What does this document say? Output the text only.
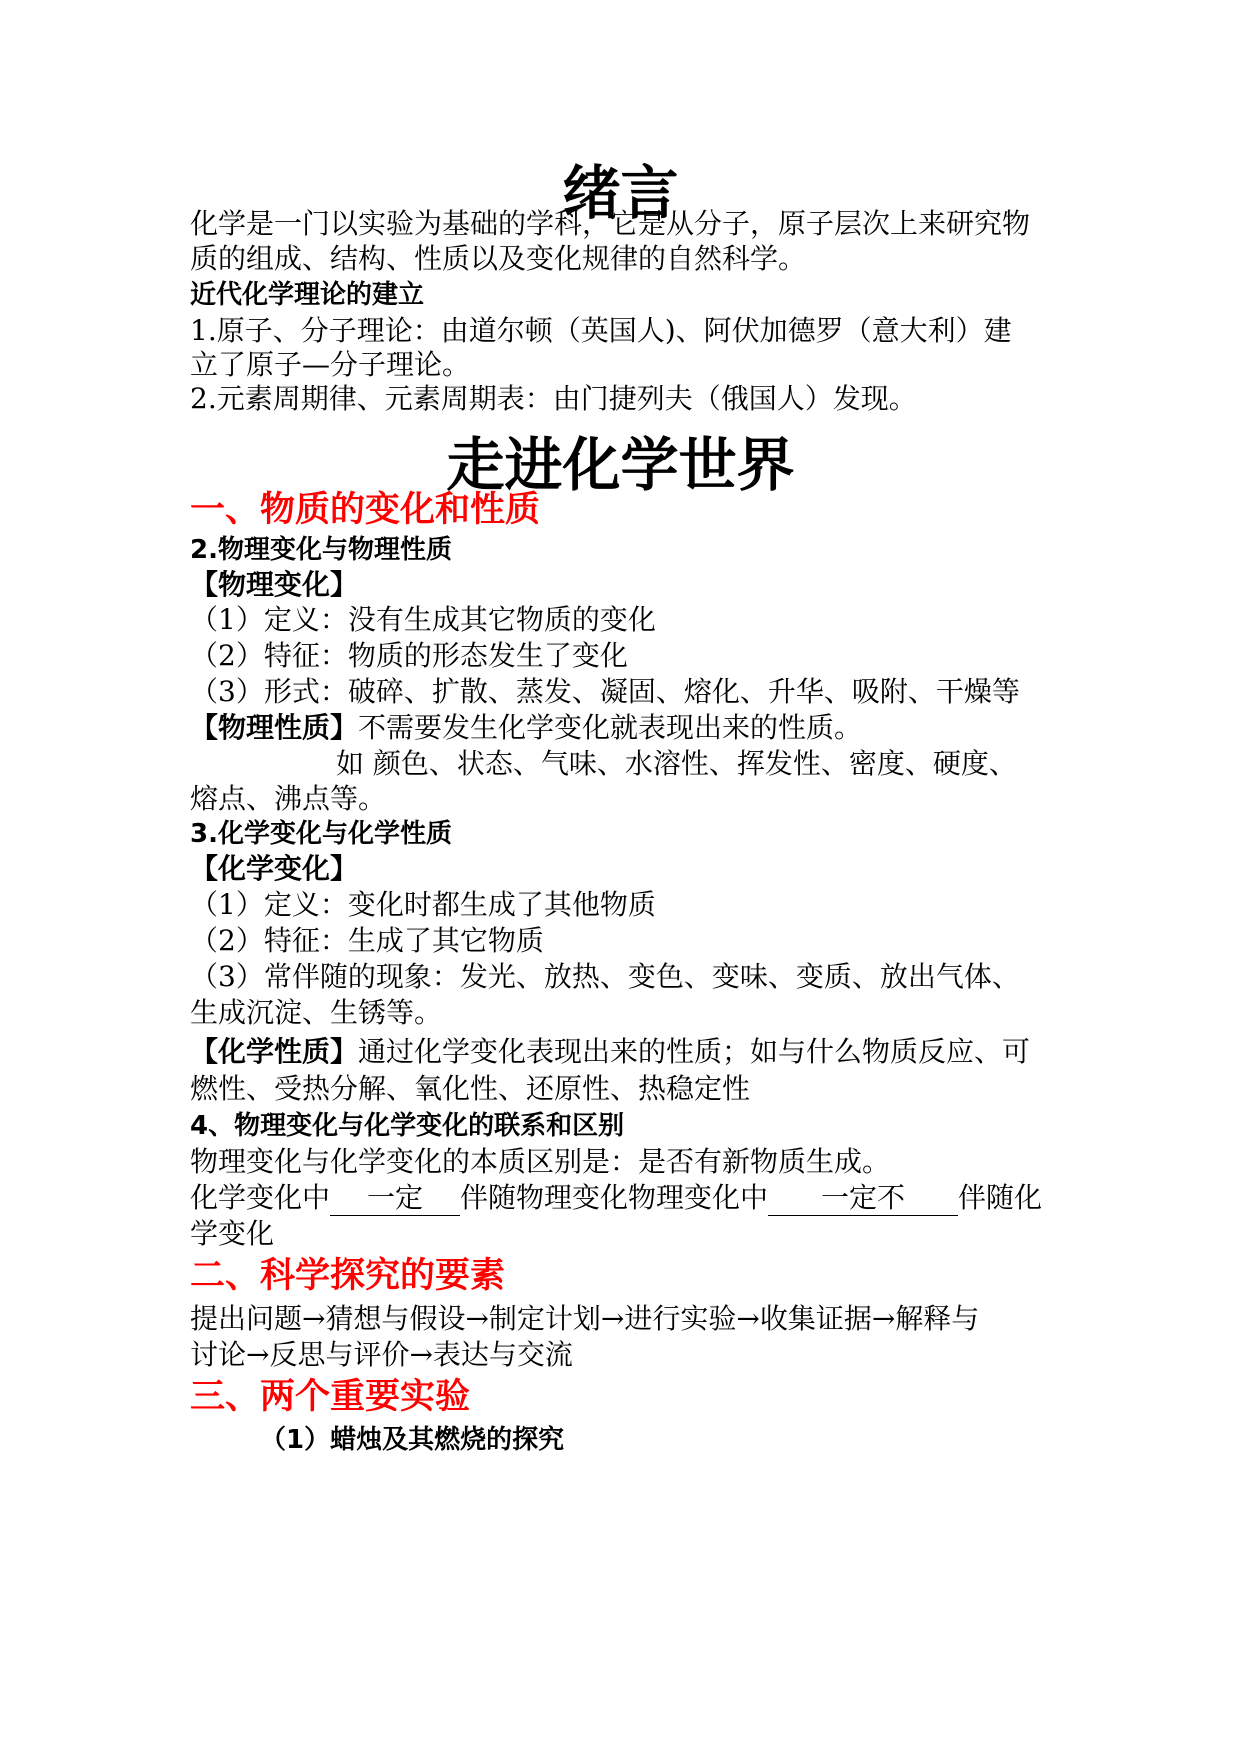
绪言
化学是一门以实验为基础的学科，它是从分子，原子层次上来研究物
质的组成、结构、性质以及变化规律的自然科学。
近代化学理论的建立
1.原子、分子理论：由道尔顿（英国人)、阿伏加德罗（意大利）建
立了原子—分子理论。
2.元素周期律、元素周期表：由门捷列夫（俄国人）发现。
走进化学世界
一、物质的变化和性质
2.物理变化与物理性质
【物理变化】
（1）定义：没有生成其它物质的变化
（2）特征：物质的形态发生了变化
（3）形式：破碎、扩散、蒸发、凝固、熔化、升华、吸附、干燥等
【物理性质】不需要发生化学变化就表现出来的性质。
如 颜色、状态、气味、水溶性、挥发性、密度、硬度、
熔点、沸点等。
3.化学变化与化学性质
【化学变化】
（1）定义：变化时都生成了其他物质
（2）特征：生成了其它物质
（3）常伴随的现象：发光、放热、变色、变味、变质、放出气体、
生成沉淀、生锈等。
【化学性质】通过化学变化表现出来的性质；如与什么物质反应、可
燃性、受热分解、氧化性、还原性、热稳定性
4、物理变化与化学变化的联系和区别
物理变化与化学变化的本质区别是：是否有新物质生成。
化学变化中 一定 伴随物理变化物理变化中 一定不 伴随化
学变化
二、科学探究的要素
提出问题→猜想与假设→制定计划→进行实验→收集证据→解释与
讨论→反思与评价→表达与交流
三、两个重要实验
（1）蜡烛及其燃烧的探究
